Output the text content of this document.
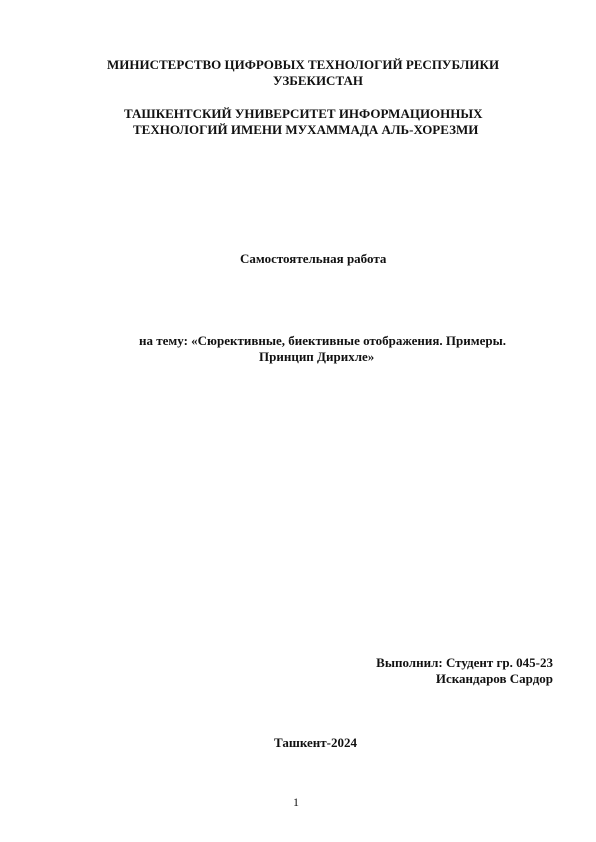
МИНИСТЕРСТВО ЦИФРОВЫХ ТЕХНОЛОГИЙ РЕСПУБЛИКИ
УЗБЕКИСТАН
ТАШКЕНТСКИЙ УНИВЕРСИТЕТ ИНФОРМАЦИОННЫХ
ТЕХНОЛОГИЙ ИМЕНИ МУХАММАДА АЛЬ-ХОРЕЗМИ
Самостоятельная работа
на тему: «Сюрективные, биективные отображения. Примеры.
Принцип Дирихле»
Выполнил: Студент гр. 045-23
Искандаров Сардор
Ташкент-2024
1
